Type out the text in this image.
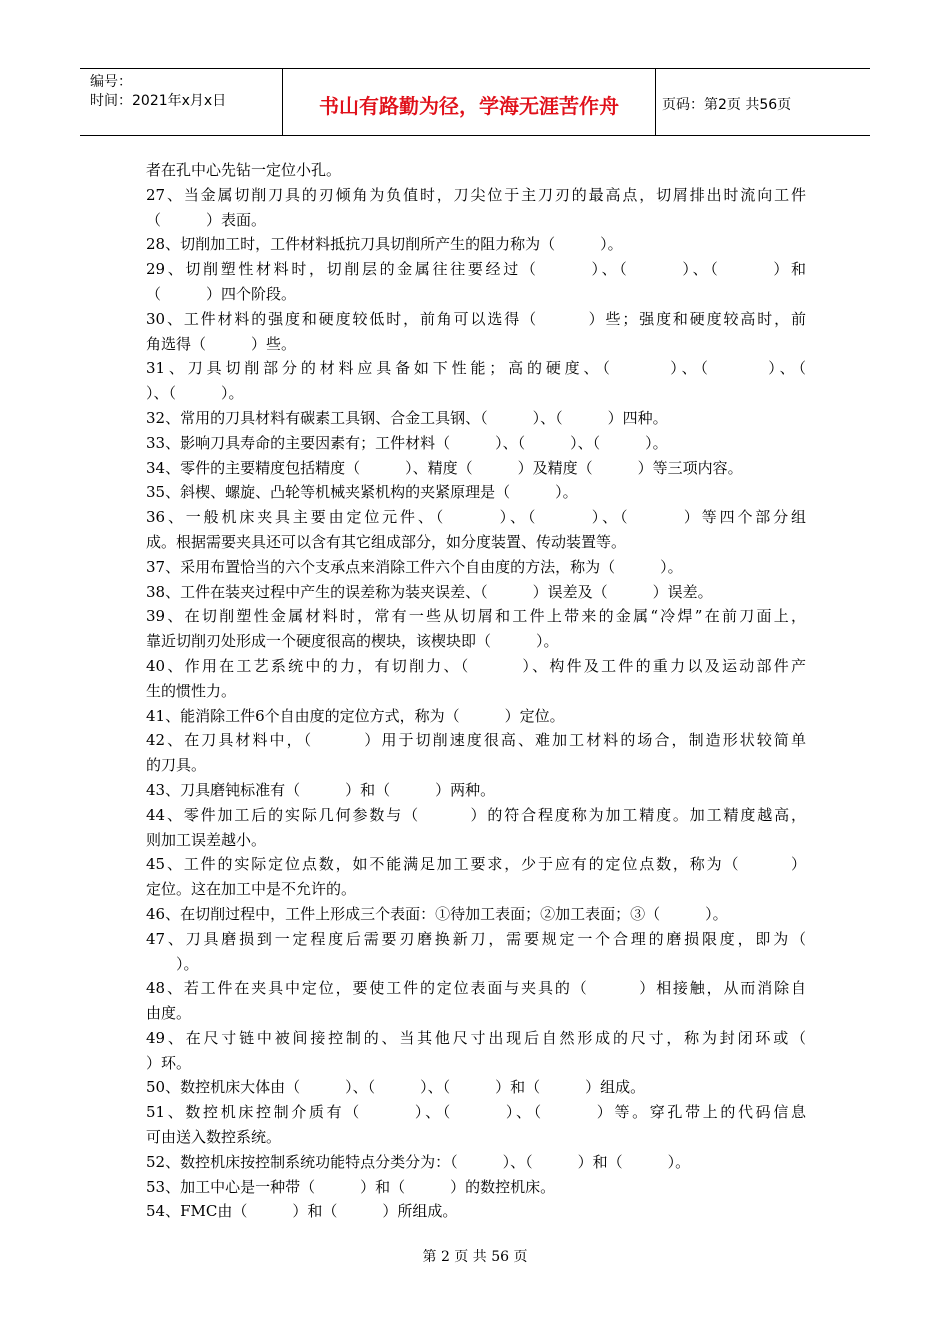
编号：
时间：2021年x月x日	书山有路勤为径，学海无涯苦作舟	页码：第2页 共56页
者在孔中心先钻一定位小孔。
27、当金属切削刀具的刃倾角为负值时，刀尖位于主刀刃的最高点，切屑排出时流向工件
（　　　）表面。
28、切削加工时，工件材料抵抗刀具切削所产生的阻力称为（　　　）。
29、切削塑性材料时，切削层的金属往往要经过（　　　）、（　　　）、（　　　）和
（　　　）四个阶段。
30、工件材料的强度和硬度较低时，前角可以选得（　　　）些；强度和硬度较高时，前
角选得（　　　）些。
31、刀具切削部分的材料应具备如下性能；高的硬度、（　　　）、（　　　）、（
）、（　　　）。
32、常用的刀具材料有碳素工具钢、合金工具钢、（　　　）、（　　　）四种。
33、影响刀具寿命的主要因素有；工件材料（　　　）、（　　　）、（　　　）。
34、零件的主要精度包括精度（　　　）、精度（　　　）及精度（　　　）等三项内容。
35、斜楔、螺旋、凸轮等机械夹紧机构的夹紧原理是（　　　）。
36、一般机床夹具主要由定位元件、（　　　）、（　　　）、（　　　）等四个部分组
成。根据需要夹具还可以含有其它组成部分，如分度装置、传动装置等。
37、采用布置恰当的六个支承点来消除工件六个自由度的方法，称为（　　　）。
38、工件在装夹过程中产生的误差称为装夹误差、（　　　）误差及（　　　）误差。
39、在切削塑性金属材料时，常有一些从切屑和工件上带来的金属“冷焊”在前刀面上，
靠近切削刃处形成一个硬度很高的楔块，该楔块即（　　　）。
40、作用在工艺系统中的力，有切削力、（　　　）、构件及工件的重力以及运动部件产
生的惯性力。
41、能消除工件6个自由度的定位方式，称为（　　　）定位。
42、在刀具材料中，（　　　）用于切削速度很高、难加工材料的场合，制造形状较简单
的刀具。
43、刀具磨钝标准有（　　　）和（　　　）两种。
44、零件加工后的实际几何参数与（　　　）的符合程度称为加工精度。加工精度越高，
则加工误差越小。
45、工件的实际定位点数，如不能满足加工要求，少于应有的定位点数，称为（　　　）
定位。这在加工中是不允许的。
46、在切削过程中，工件上形成三个表面：①待加工表面；②加工表面；③（　　　）。
47、刀具磨损到一定程度后需要刃磨换新刀，需要规定一个合理的磨损限度，即为（
　　）。
48、若工件在夹具中定位，要使工件的定位表面与夹具的（　　　）相接触，从而消除自
由度。
49、在尺寸链中被间接控制的、当其他尺寸出现后自然形成的尺寸，称为封闭环或（
）环。
50、数控机床大体由（　　　）、（　　　）、（　　　）和（　　　）组成。
51、数控机床控制介质有（　　　）、（　　　）、（　　　）等。穿孔带上的代码信息
可由送入数控系统。
52、数控机床按控制系统功能特点分类分为：（　　　）、（　　　）和（　　　）。
53、加工中心是一种带（　　　）和（　　　）的数控机床。
54、FMC由（　　　）和（　　　）所组成。
第 2 页 共 56 页
